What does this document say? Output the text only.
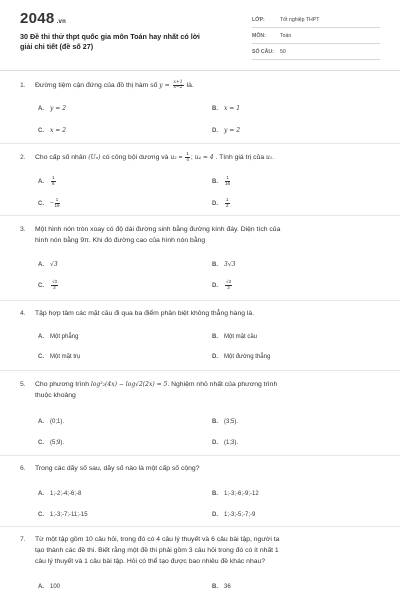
2048 .vn
30 Đề thi thử thpt quốc gia môn Toán hay nhất có lời giải chi tiết (đề số 27)
LỚP:	Tốt nghiệp THPT
MÔN:	Toán
SỐ CÂU:	50
1. Đường tiệm cận đứng của đồ thị hàm số $y = \frac{x+1}{x-2}$ là.
A. y = 2	B. x = 1
C. x = 2	D. y = 2
2. Cho cấp số nhân (Uₙ) có công bội dương và $u_2 = \frac{1}{4}$ ; u₄ = 4 . Tính giá trị của u₁.
A. $\frac{1}{6}$	B. $\frac{1}{16}$
C. − $\frac{1}{16}$	D. $\frac{1}{2}$
3. Một hình nón tròn xoay có độ dài đường sinh bằng đường kính đáy. Diện tích của
hình nón bằng 9π. Khi đó đường cao của hình nón bằng
A. √3	B. 3√3
C. $\frac{√3}{2}$	D. $\frac{√3}{3}$
4. Tập hợp tâm các mặt cầu đi qua ba điểm phân biệt không thẳng hàng là.
A. Một phẳng	B. Một mặt cầu
C. Một mặt trụ	D. Một đường thẳng
5. Cho phương trình log²₂(4x) − log√2(2x) = 5. Nghiệm nhỏ nhất của phương trình
thuộc khoảng
A. (0;1).	B. (3;5).
C. (5;9).	D. (1;3).
6. Trong các dãy số sau, dãy số nào là một cấp số cộng?
A. 1;-2;-4;-6;-8	B. 1;-3;-6;-9;-12
C. 1;-3;-7;-11;-15	D. 1;-3;-5;-7;-9
7. Từ một tập gồm 10 câu hỏi, trong đó có 4 câu lý thuyết và 6 câu bài tập, người ta
tạo thành các đề thi. Biết rằng một đề thi phải gồm 3 câu hỏi trong đó có ít nhất 1
câu lý thuyết và 1 câu bài tập. Hỏi có thể tạo được bao nhiêu đề khác nhau?
A. 100	B. 36
